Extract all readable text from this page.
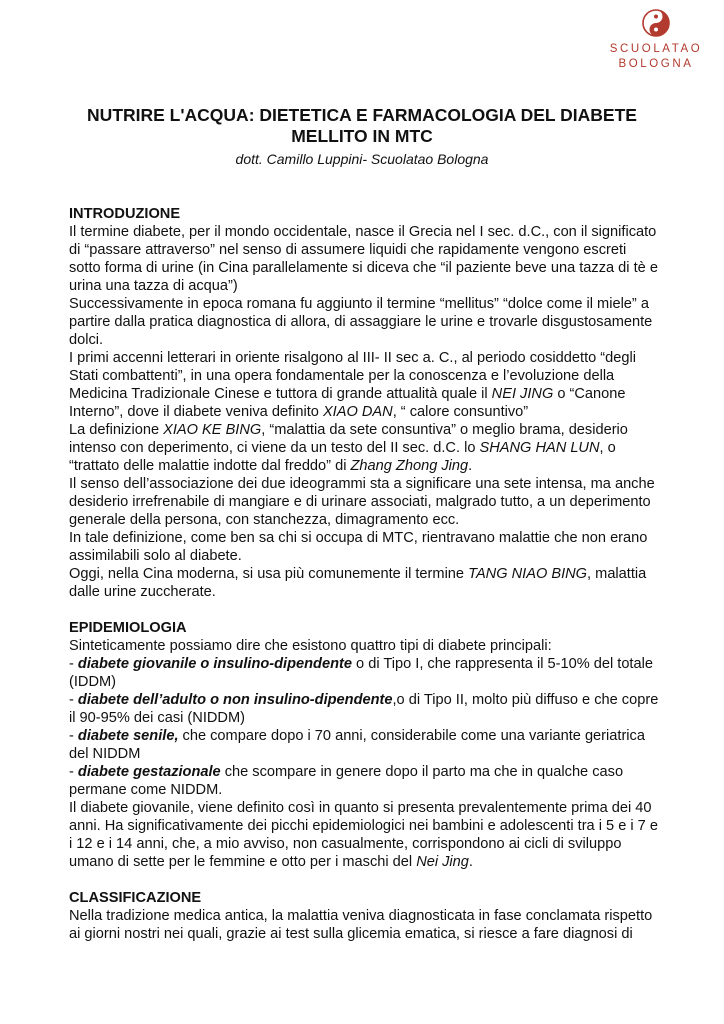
SCUOLATAO
BOLOGNA
NUTRIRE L'ACQUA: DIETETICA E FARMACOLOGIA DEL DIABETE MELLITO IN MTC
dott. Camillo Luppini- Scuolatao Bologna
INTRODUZIONE

Il termine diabete, per il mondo occidentale, nasce il Grecia nel I sec. d.C., con il significato di “passare attraverso” nel senso di assumere liquidi che rapidamente vengono escreti sotto forma di urine (in Cina parallelamente si diceva che “il paziente beve una tazza di tè e urina una tazza di acqua”)

Successivamente in epoca romana fu aggiunto il termine “mellitus” “dolce come il miele” a partire dalla pratica diagnostica di allora, di assaggiare le urine e trovarle disgustosamente dolci.

I primi accenni letterari in oriente risalgono al III- II sec a. C., al periodo cosiddetto “degli Stati combattenti”, in una opera fondamentale per la conoscenza e l’evoluzione della Medicina Tradizionale Cinese e tuttora di grande attualità quale il NEI JING o “Canone Interno”, dove il diabete veniva definito XIAO DAN, “ calore consuntivo”

La definizione XIAO KE BING, “malattia da sete consuntiva” o meglio brama, desiderio intenso con deperimento, ci viene da un testo del II sec. d.C. lo SHANG HAN LUN, o “trattato delle malattie indotte dal freddo” di Zhang Zhong Jing.

Il senso dell’associazione dei due ideogrammi sta a significare una sete intensa, ma anche desiderio irrefrenabile di mangiare e di urinare associati, malgrado tutto, a un deperimento generale della persona, con stanchezza, dimagramento ecc.

In tale definizione, come ben sa chi si occupa di MTC, rientravano malattie che non erano assimilabili solo al diabete.

Oggi, nella Cina moderna, si usa più comunemente il termine TANG NIAO BING, malattia dalle urine zuccherate.

EPIDEMIOLOGIA

Sinteticamente possiamo dire che esistono quattro tipi di diabete principali:

- diabete giovanile o insulino-dipendente o di Tipo I, che rappresenta il 5-10% del totale (IDDM)

- diabete dell’adulto o non insulino-dipendente,o di Tipo II, molto più diffuso e che copre il 90-95% dei casi (NIDDM)

- diabete senile, che compare dopo i 70 anni, considerabile come una variante geriatrica del NIDDM

- diabete gestazionale che scompare in genere dopo il parto ma che in qualche caso permane come NIDDM.

Il diabete giovanile, viene definito così in quanto si presenta prevalentemente prima dei 40 anni. Ha significativamente dei picchi epidemiologici nei bambini e adolescenti tra i 5 e i 7 e i 12 e i 14 anni, che, a mio avviso, non casualmente, corrispondono ai cicli di sviluppo umano di sette per le femmine e otto per i maschi del Nei Jing.

CLASSIFICAZIONE

Nella tradizione medica antica, la malattia veniva diagnosticata in fase conclamata rispetto ai giorni nostri nei quali, grazie ai test sulla glicemia ematica, si riesce a fare diagnosi di
